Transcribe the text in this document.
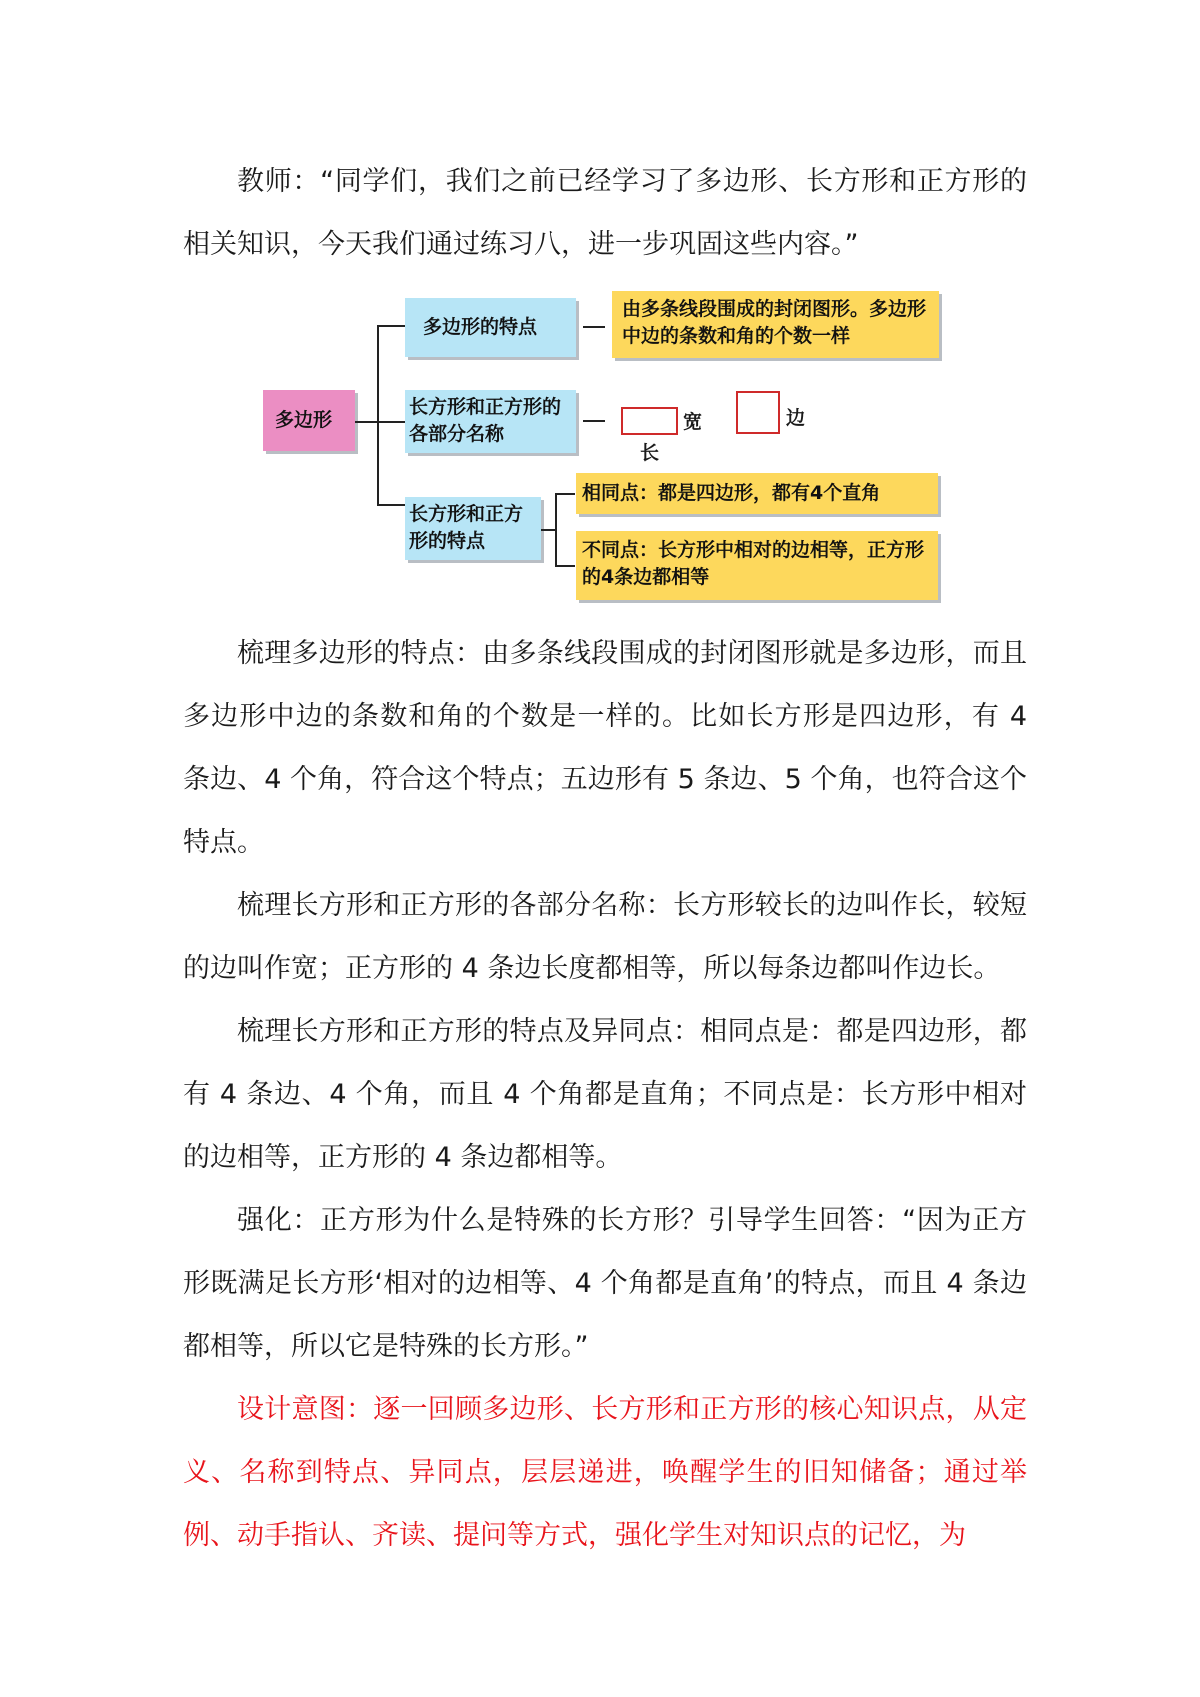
教师：“同学们，我们之前已经学习了多边形、长方形和正方形的相关知识，今天我们通过练习八，进一步巩固这些内容。”

多边形
多边形的特点
由多条线段围成的封闭图形。多边形中边的条数和角的个数一样
长方形和正方形的各部分名称
宽
长
边
长方形和正方形的特点
相同点：都是四边形，都有4个直角
不同点：长方形中相对的边相等，正方形的4条边都相等

梳理多边形的特点：由多条线段围成的封闭图形就是多边形，而且多边形中边的条数和角的个数是一样的。比如长方形是四边形，有 4 条边、4 个角，符合这个特点；五边形有 5 条边、5 个角，也符合这个特点。

梳理长方形和正方形的各部分名称：长方形较长的边叫作长，较短的边叫作宽；正方形的 4 条边长度都相等，所以每条边都叫作边长。

梳理长方形和正方形的特点及异同点：相同点是：都是四边形，都有 4 条边、4 个角，而且 4 个角都是直角；不同点是：长方形中相对的边相等，正方形的 4 条边都相等。

强化：正方形为什么是特殊的长方形？引导学生回答：“因为正方形既满足长方形‘相对的边相等、4 个角都是直角’的特点，而且 4 条边都相等，所以它是特殊的长方形。”

设计意图：逐一回顾多边形、长方形和正方形的核心知识点，从定义、名称到特点、异同点，层层递进，唤醒学生的旧知储备；通过举例、动手指认、齐读、提问等方式，强化学生对知识点的记忆，为
